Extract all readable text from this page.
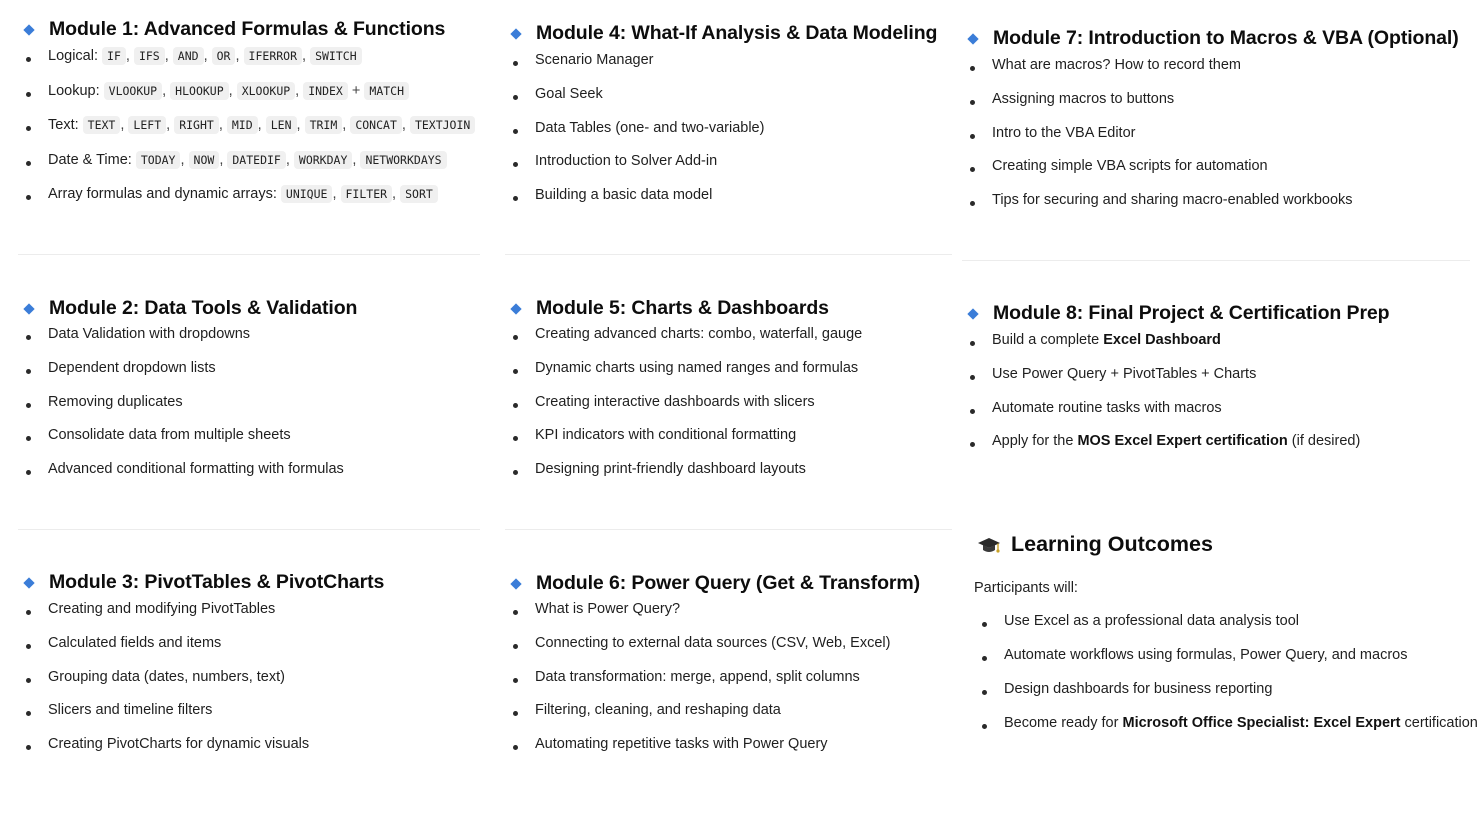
Module 1: Advanced Formulas & Functions
Logical: IF , IFS , AND , OR , IFERROR , SWITCH
Lookup: VLOOKUP , HLOOKUP , XLOOKUP , INDEX + MATCH
Text: TEXT , LEFT , RIGHT , MID , LEN , TRIM , CONCAT , TEXTJOIN
Date & Time: TODAY , NOW , DATEDIF , WORKDAY , NETWORKDAYS
Array formulas and dynamic arrays: UNIQUE , FILTER , SORT
Module 2: Data Tools & Validation
Data Validation with dropdowns
Dependent dropdown lists
Removing duplicates
Consolidate data from multiple sheets
Advanced conditional formatting with formulas
Module 3: PivotTables & PivotCharts
Creating and modifying PivotTables
Calculated fields and items
Grouping data (dates, numbers, text)
Slicers and timeline filters
Creating PivotCharts for dynamic visuals
Module 4: What-If Analysis & Data Modeling
Scenario Manager
Goal Seek
Data Tables (one- and two-variable)
Introduction to Solver Add-in
Building a basic data model
Module 5: Charts & Dashboards
Creating advanced charts: combo, waterfall, gauge
Dynamic charts using named ranges and formulas
Creating interactive dashboards with slicers
KPI indicators with conditional formatting
Designing print-friendly dashboard layouts
Module 6: Power Query (Get & Transform)
What is Power Query?
Connecting to external data sources (CSV, Web, Excel)
Data transformation: merge, append, split columns
Filtering, cleaning, and reshaping data
Automating repetitive tasks with Power Query
Module 7: Introduction to Macros & VBA (Optional)
What are macros? How to record them
Assigning macros to buttons
Intro to the VBA Editor
Creating simple VBA scripts for automation
Tips for securing and sharing macro-enabled workbooks
Module 8: Final Project & Certification Prep
Build a complete Excel Dashboard
Use Power Query + PivotTables + Charts
Automate routine tasks with macros
Apply for the MOS Excel Expert certification (if desired)
Learning Outcomes
Participants will:
Use Excel as a professional data analysis tool
Automate workflows using formulas, Power Query, and macros
Design dashboards for business reporting
Become ready for Microsoft Office Specialist: Excel Expert certification
